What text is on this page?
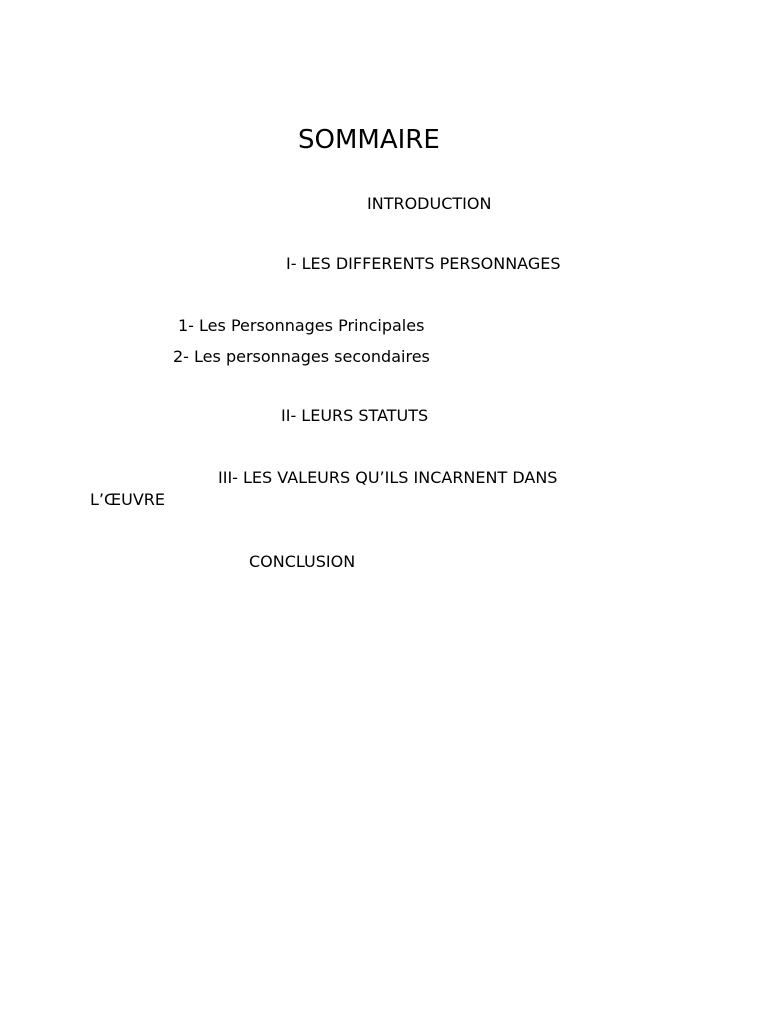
SOMMAIRE
INTRODUCTION
I- LES DIFFERENTS PERSONNAGES
1- Les Personnages Principales
2- Les personnages secondaires
II- LEURS STATUTS
III- LES VALEURS QU’ILS INCARNENT DANS
L’ŒUVRE
CONCLUSION
